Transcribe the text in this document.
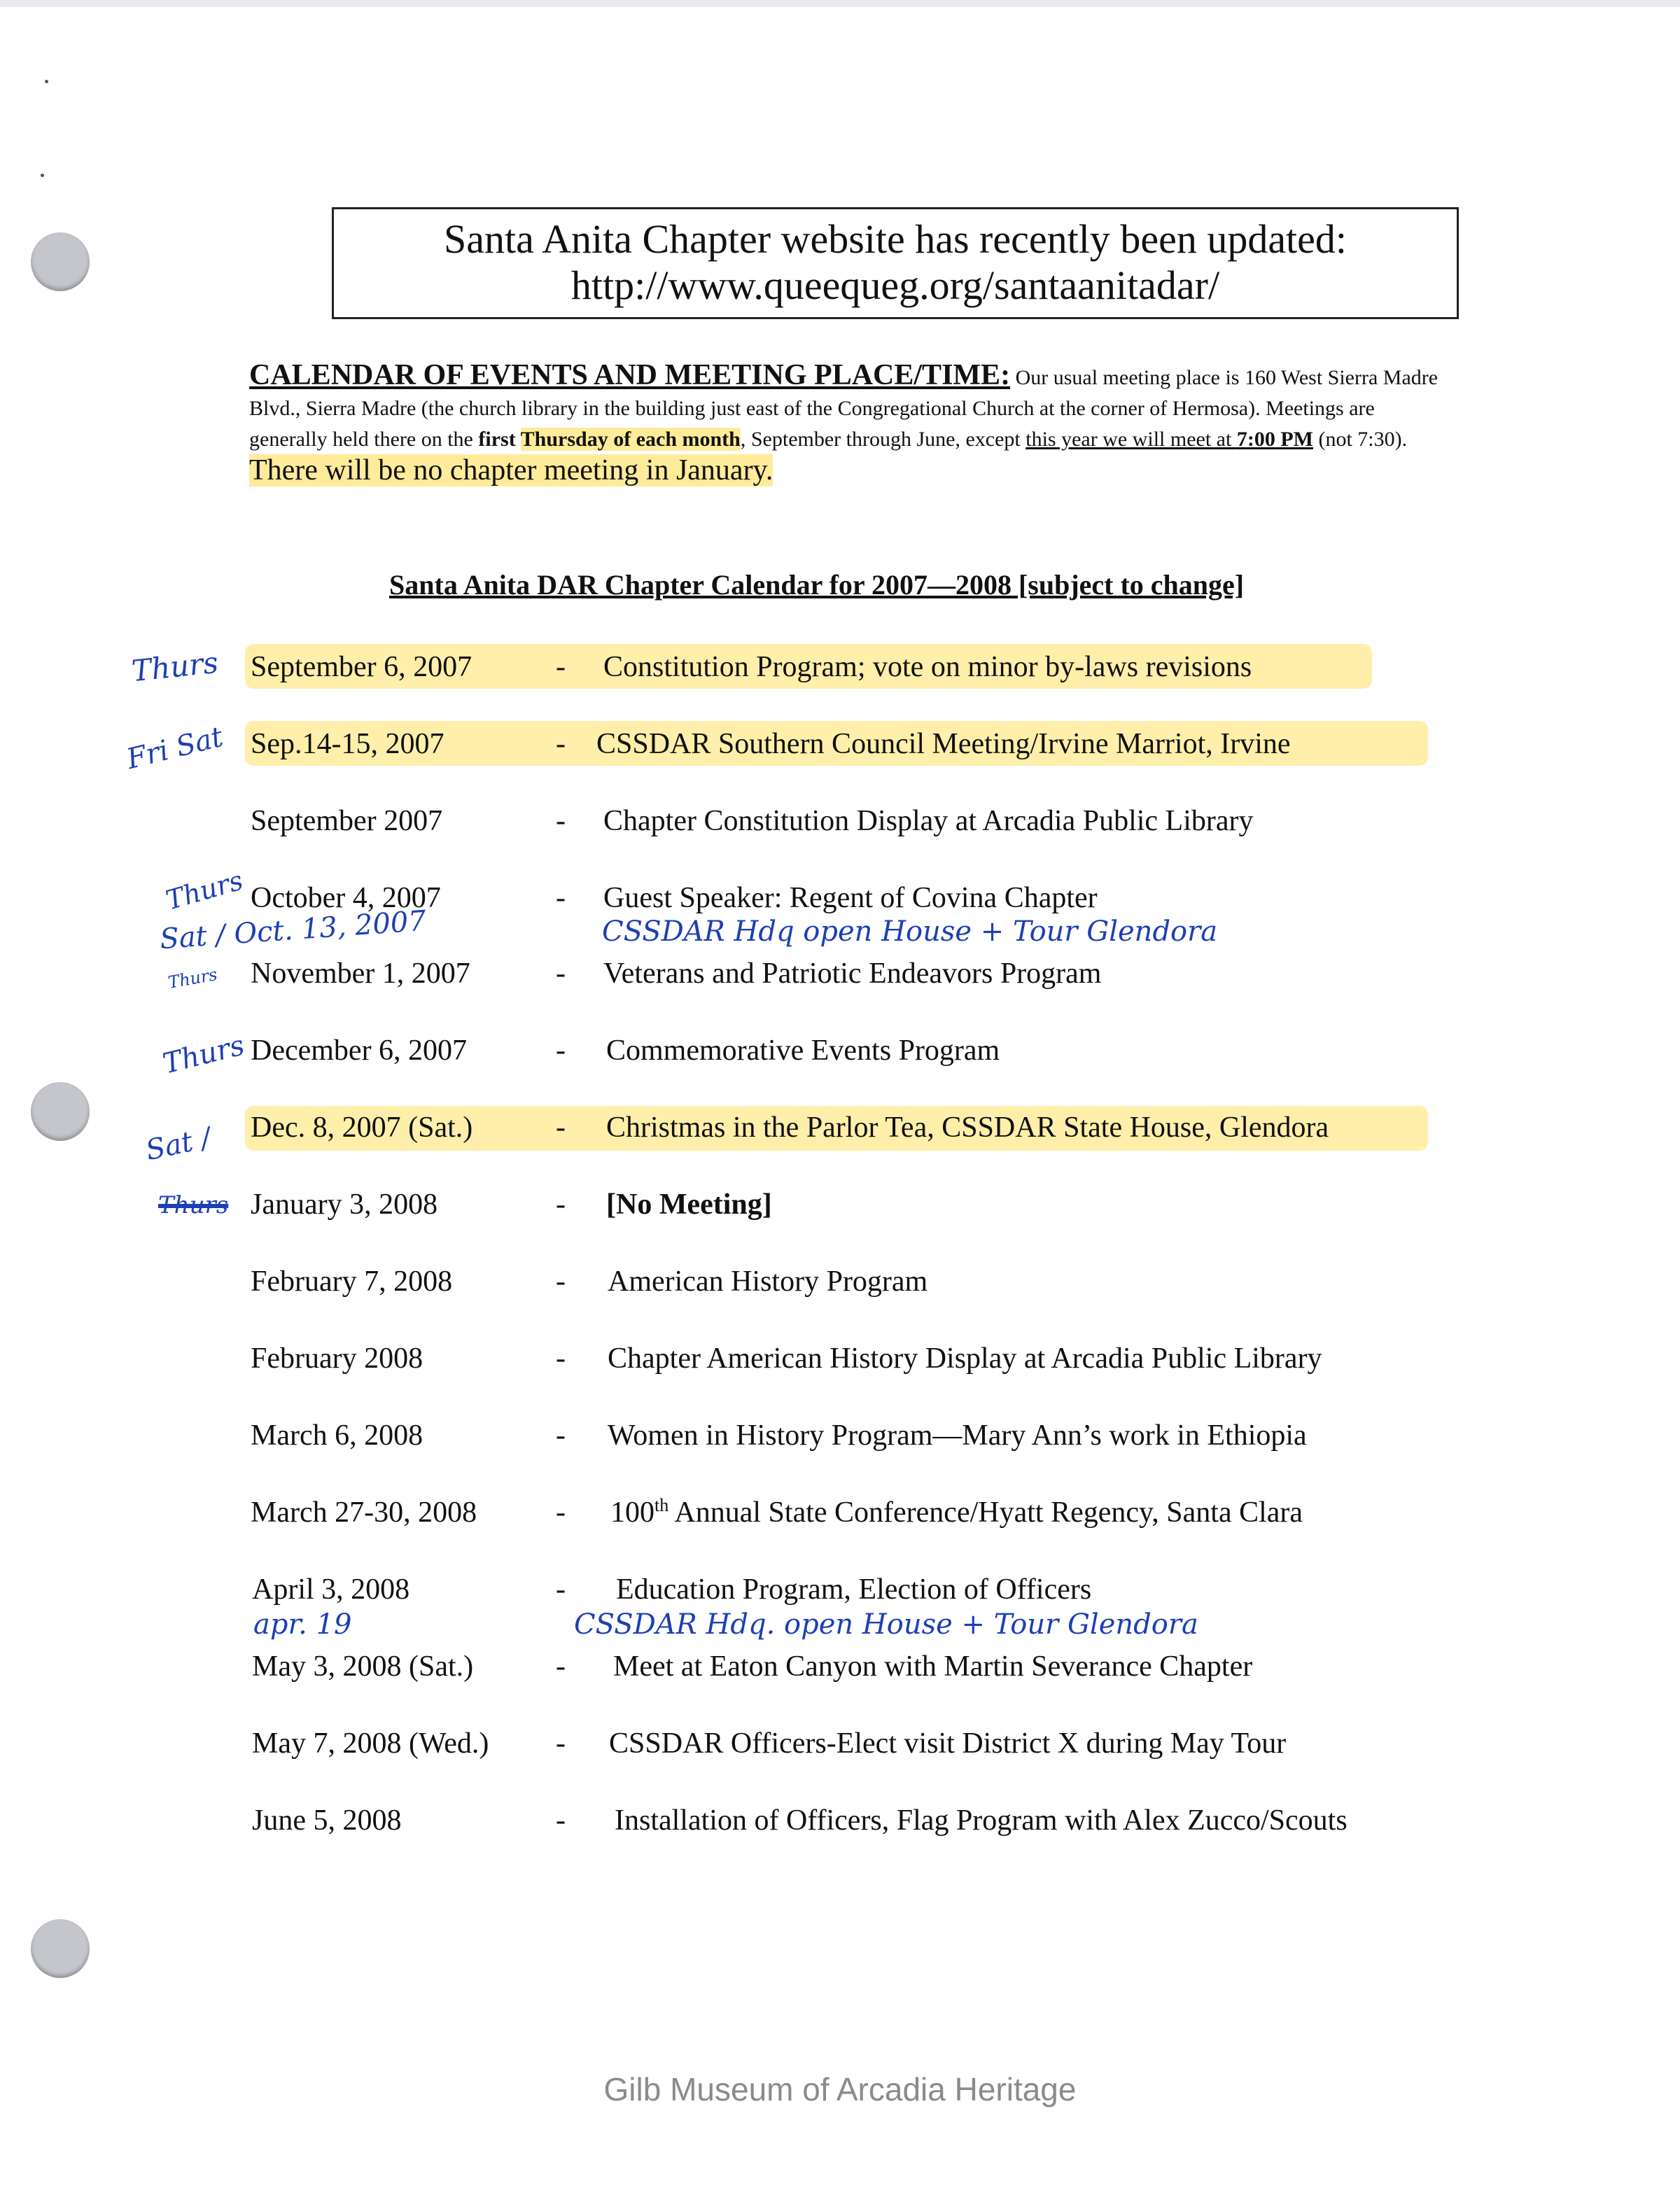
Santa Anita Chapter website has recently been updated:
http://www.queequeg.org/santaanitadar/
CALENDAR OF EVENTS AND MEETING PLACE/TIME: Our usual meeting place is 160 West Sierra Madre Blvd., Sierra Madre (the church library in the building just east of the Congregational Church at the corner of Hermosa). Meetings are generally held there on the first Thursday of each month, September through June, except this year we will meet at 7:00 PM (not 7:30). There will be no chapter meeting in January.
Santa Anita DAR Chapter Calendar for 2007—2008 [subject to change]
September 6, 2007	- Constitution Program; vote on minor by-laws revisions
Sep.14-15, 2007	- CSSDAR Southern Council Meeting/Irvine Marriot, Irvine
September 2007	- Chapter Constitution Display at Arcadia Public Library
October 4, 2007	- Guest Speaker: Regent of Covina Chapter
November 1, 2007	- Veterans and Patriotic Endeavors Program
December 6, 2007	- Commemorative Events Program
Dec. 8, 2007 (Sat.)	- Christmas in the Parlor Tea, CSSDAR State House, Glendora
January 3, 2008	- [No Meeting]
February 7, 2008	- American History Program
February 2008	- Chapter American History Display at Arcadia Public Library
March 6, 2008	- Women in History Program—Mary Ann’s work in Ethiopia
March 27-30, 2008	- 100th Annual State Conference/Hyatt Regency, Santa Clara
April 3, 2008	- Education Program, Election of Officers
May 3, 2008 (Sat.)	- Meet at Eaton Canyon with Martin Severance Chapter
May 7, 2008 (Wed.) - CSSDAR Officers-Elect visit District X during May Tour
June 5, 2008	- Installation of Officers, Flag Program with Alex Zucco/Scouts
Thurs
Fri Sat
Thurs
Sat / Oct. 13, 2007	CSSDAR Hdq open House + Tour Glendora
Thurs
Thurs
Sat /
Thurs
apr. 19	CSSDAR Hdq. open House + Tour Glendora
Gilb Museum of Arcadia Heritage
